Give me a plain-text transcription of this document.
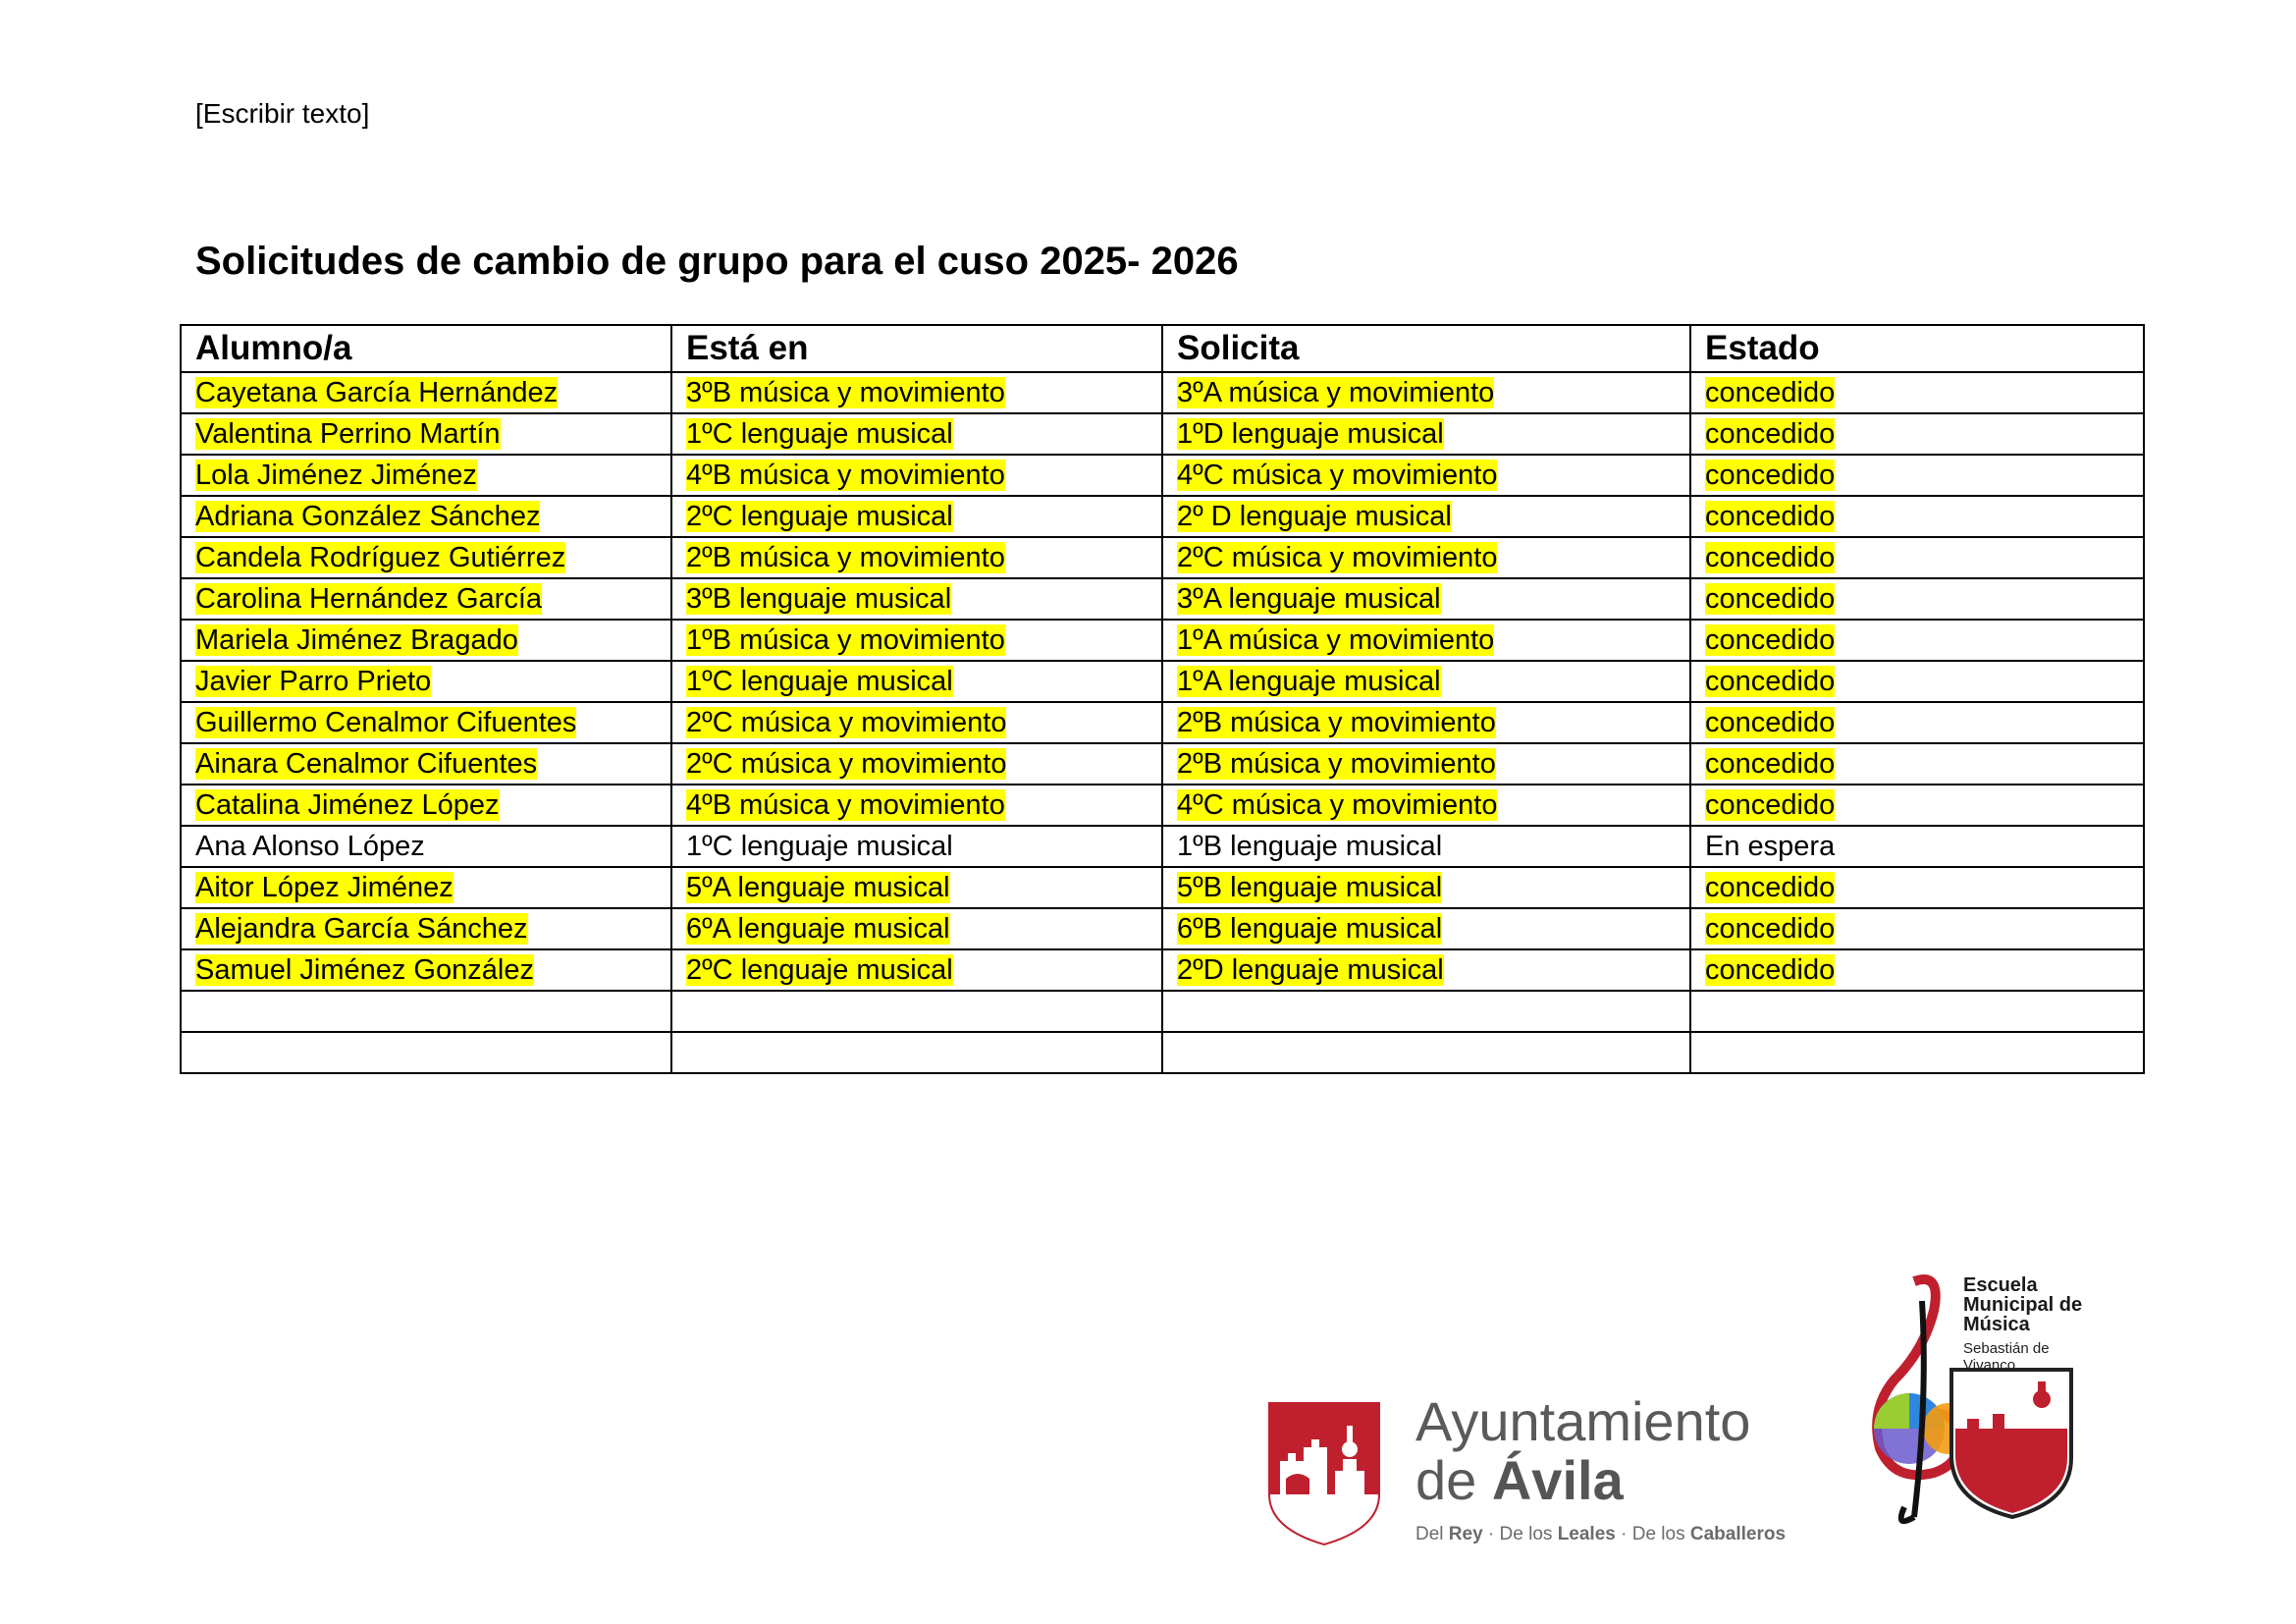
[Escribir texto]
Solicitudes de cambio de grupo para el cuso 2025- 2026
Alumno/a	Está en	Solicita	Estado
Cayetana García Hernández	3ºB música y movimiento	3ºA música y movimiento	concedido
Valentina Perrino Martín	1ºC lenguaje musical	1ºD lenguaje musical	concedido
Lola Jiménez Jiménez	4ºB música y movimiento	4ºC música y movimiento	concedido
Adriana González Sánchez	2ºC lenguaje musical	2º D lenguaje musical	concedido
Candela Rodríguez Gutiérrez	2ºB música y movimiento	2ºC música y movimiento	concedido
Carolina Hernández García	3ºB lenguaje musical	3ºA lenguaje musical	concedido
Mariela Jiménez Bragado	1ºB música y movimiento	1ºA música y movimiento	concedido
Javier Parro Prieto	1ºC lenguaje musical	1ºA lenguaje musical	concedido
Guillermo Cenalmor Cifuentes	2ºC música y movimiento	2ºB música y movimiento	concedido
Ainara Cenalmor Cifuentes	2ºC música y movimiento	2ºB música y movimiento	concedido
Catalina Jiménez López	4ºB música y movimiento	4ºC música y movimiento	concedido
Ana Alonso López	1ºC lenguaje musical	1ºB lenguaje musical	En espera
Aitor López Jiménez	5ºA lenguaje musical	5ºB lenguaje musical	concedido
Alejandra García Sánchez	6ºA lenguaje musical	6ºB lenguaje musical	concedido
Samuel Jiménez González	2ºC lenguaje musical	2ºD lenguaje musical	concedido

Ayuntamiento
de Ávila
Del Rey · De los Leales · De los Caballeros
Escuela
Municipal de
Música
Sebastián de
Vivanco
